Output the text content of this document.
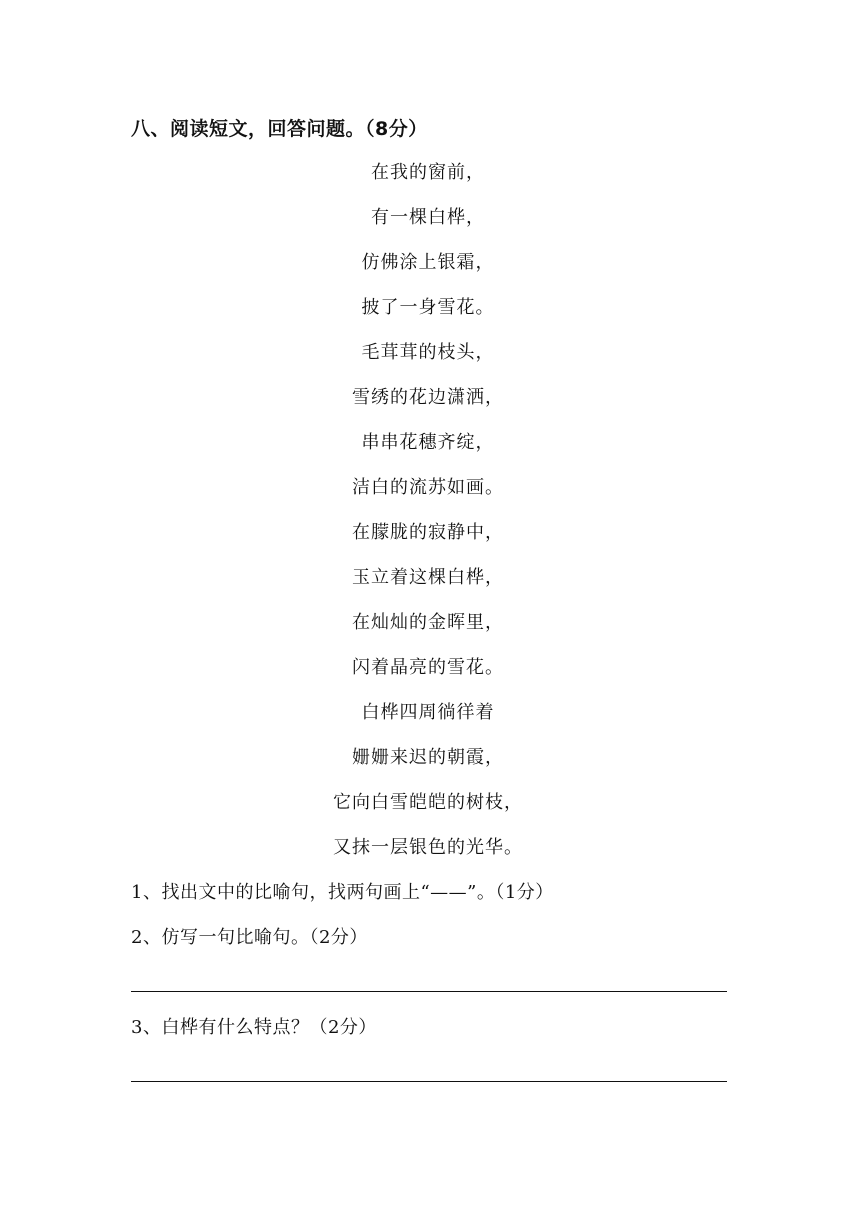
八、阅读短文，回答问题。（8分）
在我的窗前，
有一棵白桦，
仿佛涂上银霜，
披了一身雪花。
毛茸茸的枝头，
雪绣的花边潇洒，
串串花穗齐绽，
洁白的流苏如画。
在朦胧的寂静中，
玉立着这棵白桦，
在灿灿的金晖里，
闪着晶亮的雪花。
白桦四周徜徉着
姗姗来迟的朝霞，
它向白雪皑皑的树枝，
又抹一层银色的光华。
1、找出文中的比喻句，找两句画上“——”。（1分）
2、仿写一句比喻句。（2分）
3、白桦有什么特点？（2分）
